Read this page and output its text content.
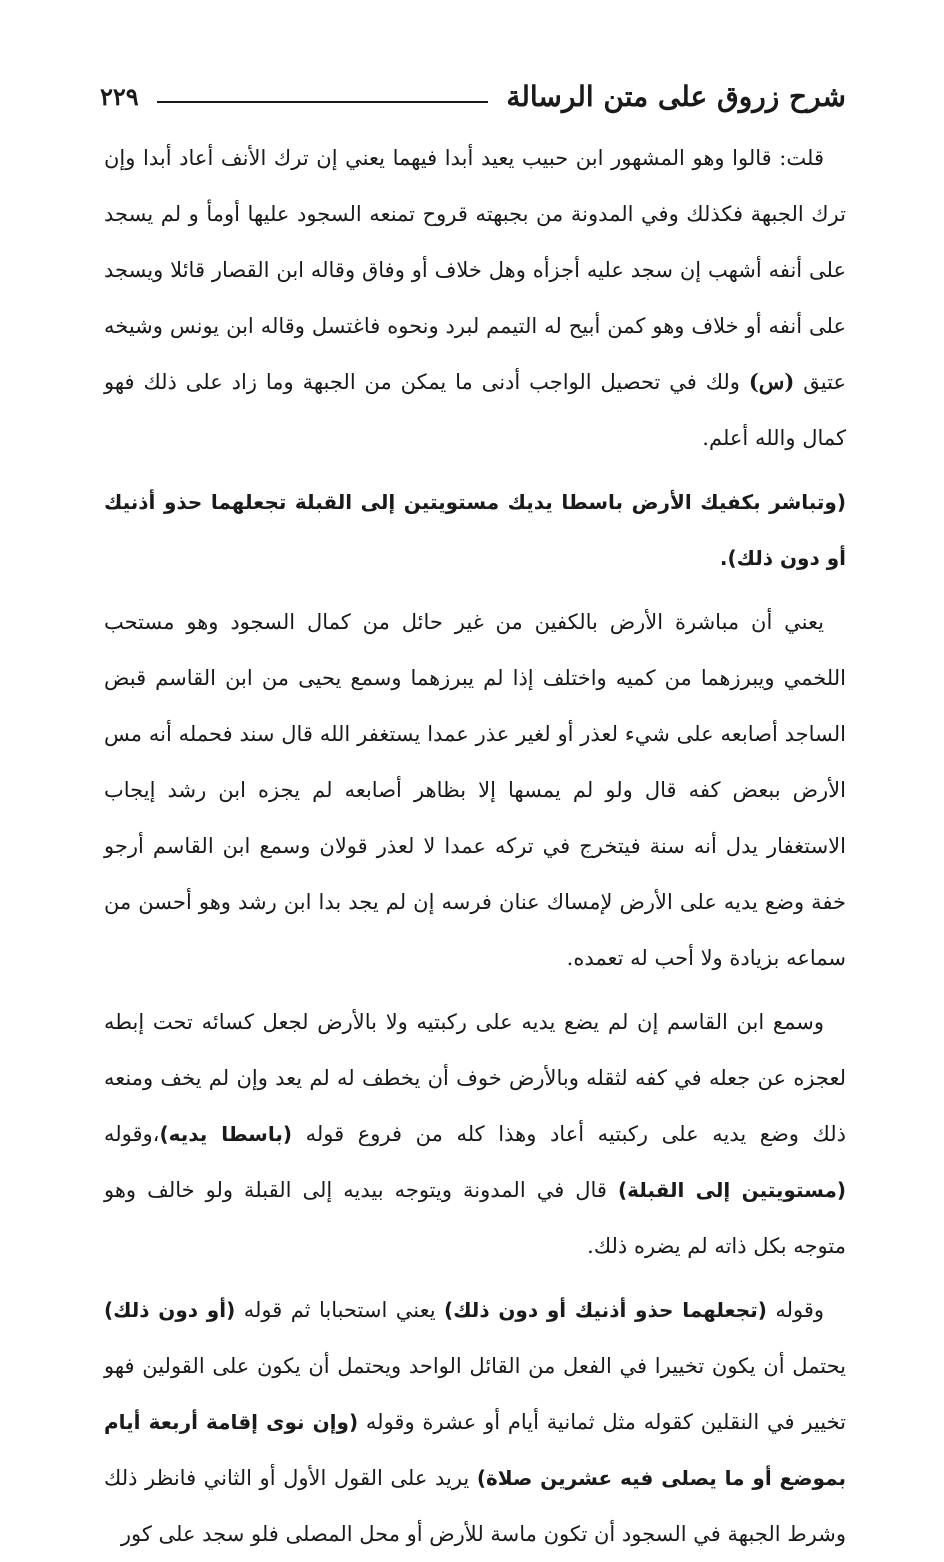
شرح زروق على متن الرسالة
٢٢٩

قلت: قالوا وهو المشهور ابن حبيب يعيد أبدا فيهما يعني إن ترك الأنف أعاد أبدا وإن ترك الجبهة فكذلك وفي المدونة من بجبهته قروح تمنعه السجود عليها أومأ و لم يسجد على أنفه أشهب إن سجد عليه أجزأه وهل خلاف أو وفاق وقاله ابن القصار قائلا ويسجد على أنفه أو خلاف وهو كمن أبيح له التيمم لبرد ونحوه فاغتسل وقاله ابن يونس وشيخه عتيق (س) ولك في تحصيل الواجب أدنى ما يمكن من الجبهة وما زاد على ذلك فهو كمال والله أعلم.

(وتباشر بكفيك الأرض باسطا يديك مستويتين إلى القبلة تجعلهما حذو أذنيك أو دون ذلك).

يعني أن مباشرة الأرض بالكفين من غير حائل من كمال السجود وهو مستحب اللخمي ويبرزهما من كميه واختلف إذا لم يبرزهما وسمع يحيى من ابن القاسم قبض الساجد أصابعه على شيء لعذر أو لغير عذر عمدا يستغفر الله قال سند فحمله أنه مس الأرض ببعض كفه قال ولو لم يمسها إلا بظاهر أصابعه لم يجزه ابن رشد إيجاب الاستغفار يدل أنه سنة فيتخرج في تركه عمدا لا لعذر قولان وسمع ابن القاسم أرجو خفة وضع يديه على الأرض لإمساك عنان فرسه إن لم يجد بدا ابن رشد وهو أحسن من سماعه بزيادة ولا أحب له تعمده.

وسمع ابن القاسم إن لم يضع يديه على ركبتيه ولا بالأرض لجعل كسائه تحت إبطه لعجزه عن جعله في كفه لثقله وبالأرض خوف أن يخطف له لم يعد وإن لم يخف ومنعه ذلك وضع يديه على ركبتيه أعاد وهذا كله من فروع قوله (باسطا يديه)،وقوله (مستويتين إلى القبلة) قال في المدونة ويتوجه بيديه إلى القبلة ولو خالف وهو متوجه بكل ذاته لم يضره ذلك.

وقوله (تجعلهما حذو أذنيك أو دون ذلك) يعني استحبابا ثم قوله (أو دون ذلك) يحتمل أن يكون تخييرا في الفعل من القائل الواحد ويحتمل أن يكون على القولين فهو تخيير في النقلين كقوله مثل ثمانية أيام أو عشرة وقوله (وإن نوى إقامة أربعة أيام بموضع أو ما يصلى فيه عشرين صلاة) يريد على القول الأول أو الثاني فانظر ذلك وشرط الجبهة في السجود أن تكون ماسة للأرض أو محل المصلى فلو سجد على كور
